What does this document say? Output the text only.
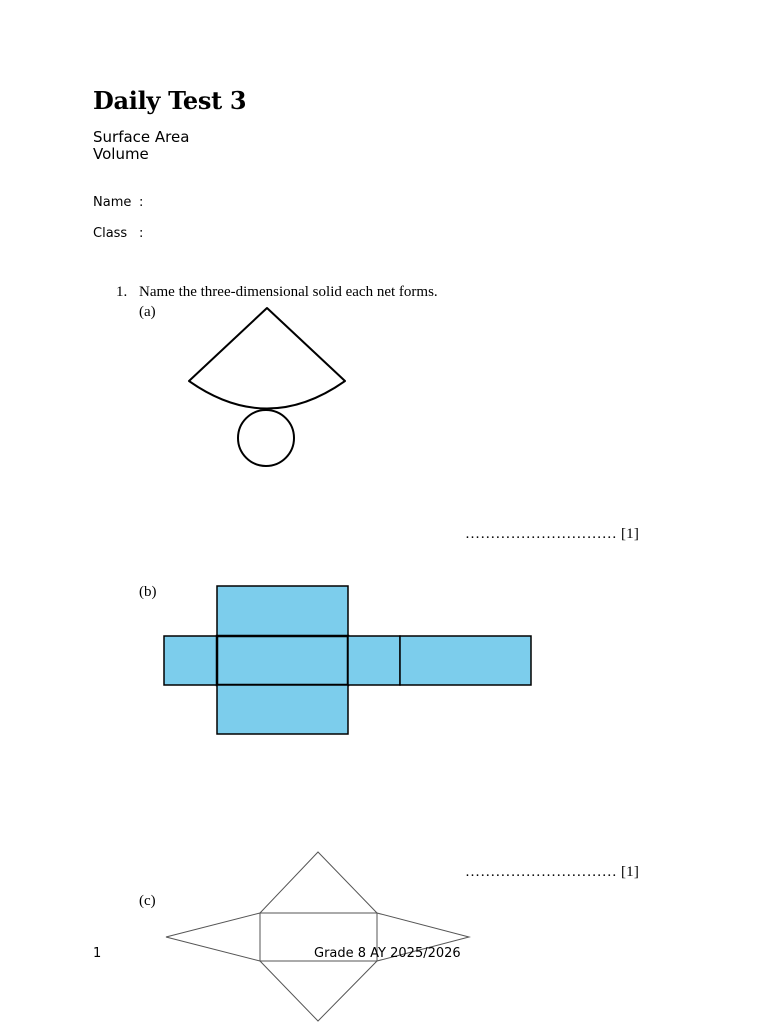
Daily Test 3
Surface Area
Volume
Name :
Class :
1. Name the three-dimensional solid each net forms.
(a)
………………………… [1]
(b)
………………………… [1]
(c)
1	Grade 8 AY 2025/2026
